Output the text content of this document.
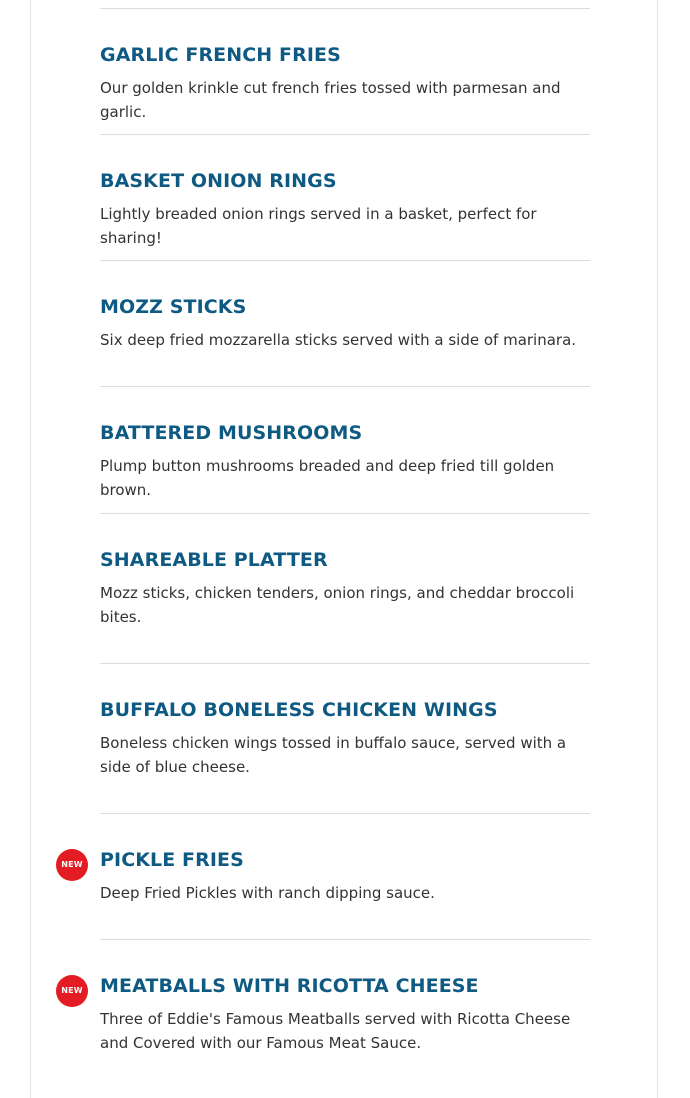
GARLIC FRENCH FRIES

Our golden krinkle cut french fries tossed with parmesan and garlic.

BASKET ONION RINGS

Lightly breaded onion rings served in a basket, perfect for sharing!

MOZZ STICKS

Six deep fried mozzarella sticks served with a side of marinara.

BATTERED MUSHROOMS

Plump button mushrooms breaded and deep fried till golden brown.

SHAREABLE PLATTER

Mozz sticks, chicken tenders, onion rings, and cheddar broccoli bites.

BUFFALO BONELESS CHICKEN WINGS

Boneless chicken wings tossed in buffalo sauce, served with a side of blue cheese.

NEW PICKLE FRIES

Deep Fried Pickles with ranch dipping sauce.

NEW MEATBALLS WITH RICOTTA CHEESE

Three of Eddie's Famous Meatballs served with Ricotta Cheese and Covered with our Famous Meat Sauce.
